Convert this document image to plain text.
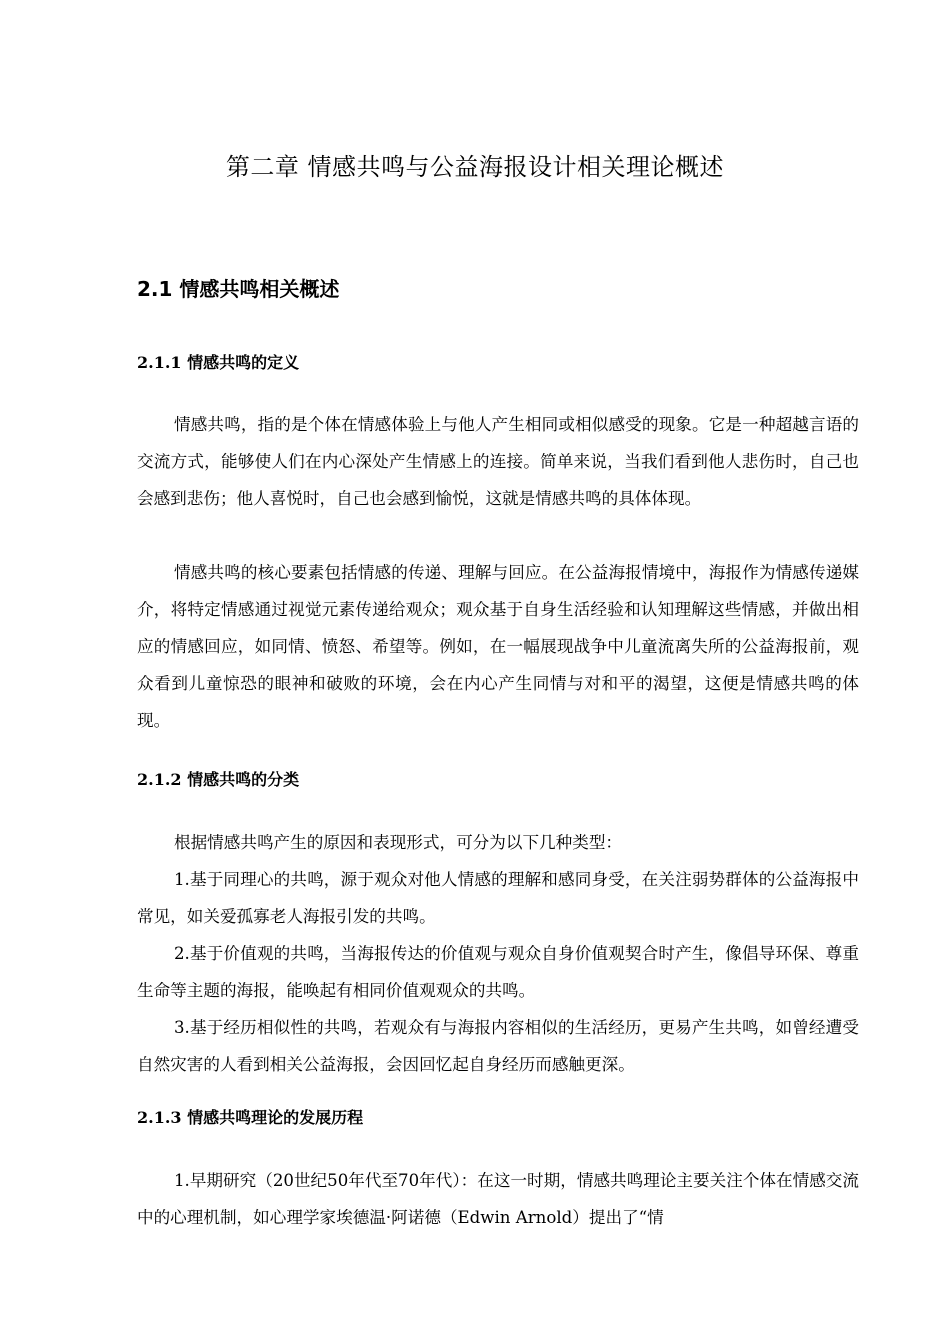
第二章 情感共鸣与公益海报设计相关理论概述
2.1 情感共鸣相关概述
2.1.1 情感共鸣的定义

情感共鸣，指的是个体在情感体验上与他人产生相同或相似感受的现象。它是一种超越言语的交流方式，能够使人们在内心深处产生情感上的连接。简单来说，当我们看到他人悲伤时，自己也会感到悲伤；他人喜悦时，自己也会感到愉悦，这就是情感共鸣的具体体现。

情感共鸣的核心要素包括情感的传递、理解与回应。在公益海报情境中，海报作为情感传递媒介，将特定情感通过视觉元素传递给观众；观众基于自身生活经验和认知理解这些情感，并做出相应的情感回应，如同情、愤怒、希望等。例如，在一幅展现战争中儿童流离失所的公益海报前，观众看到儿童惊恐的眼神和破败的环境，会在内心产生同情与对和平的渴望，这便是情感共鸣的体现。

2.1.2 情感共鸣的分类

根据情感共鸣产生的原因和表现形式，可分为以下几种类型：

1.基于同理心的共鸣，源于观众对他人情感的理解和感同身受，在关注弱势群体的公益海报中常见，如关爱孤寡老人海报引发的共鸣。

2.基于价值观的共鸣，当海报传达的价值观与观众自身价值观契合时产生，像倡导环保、尊重生命等主题的海报，能唤起有相同价值观观众的共鸣。

3.基于经历相似性的共鸣，若观众有与海报内容相似的生活经历，更易产生共鸣，如曾经遭受自然灾害的人看到相关公益海报，会因回忆起自身经历而感触更深。

2.1.3 情感共鸣理论的发展历程

1.早期研究（20世纪50年代至70年代）：在这一时期，情感共鸣理论主要关注个体在情感交流中的心理机制，如心理学家埃德温·阿诺德（Edwin Arnold）提出了“情
